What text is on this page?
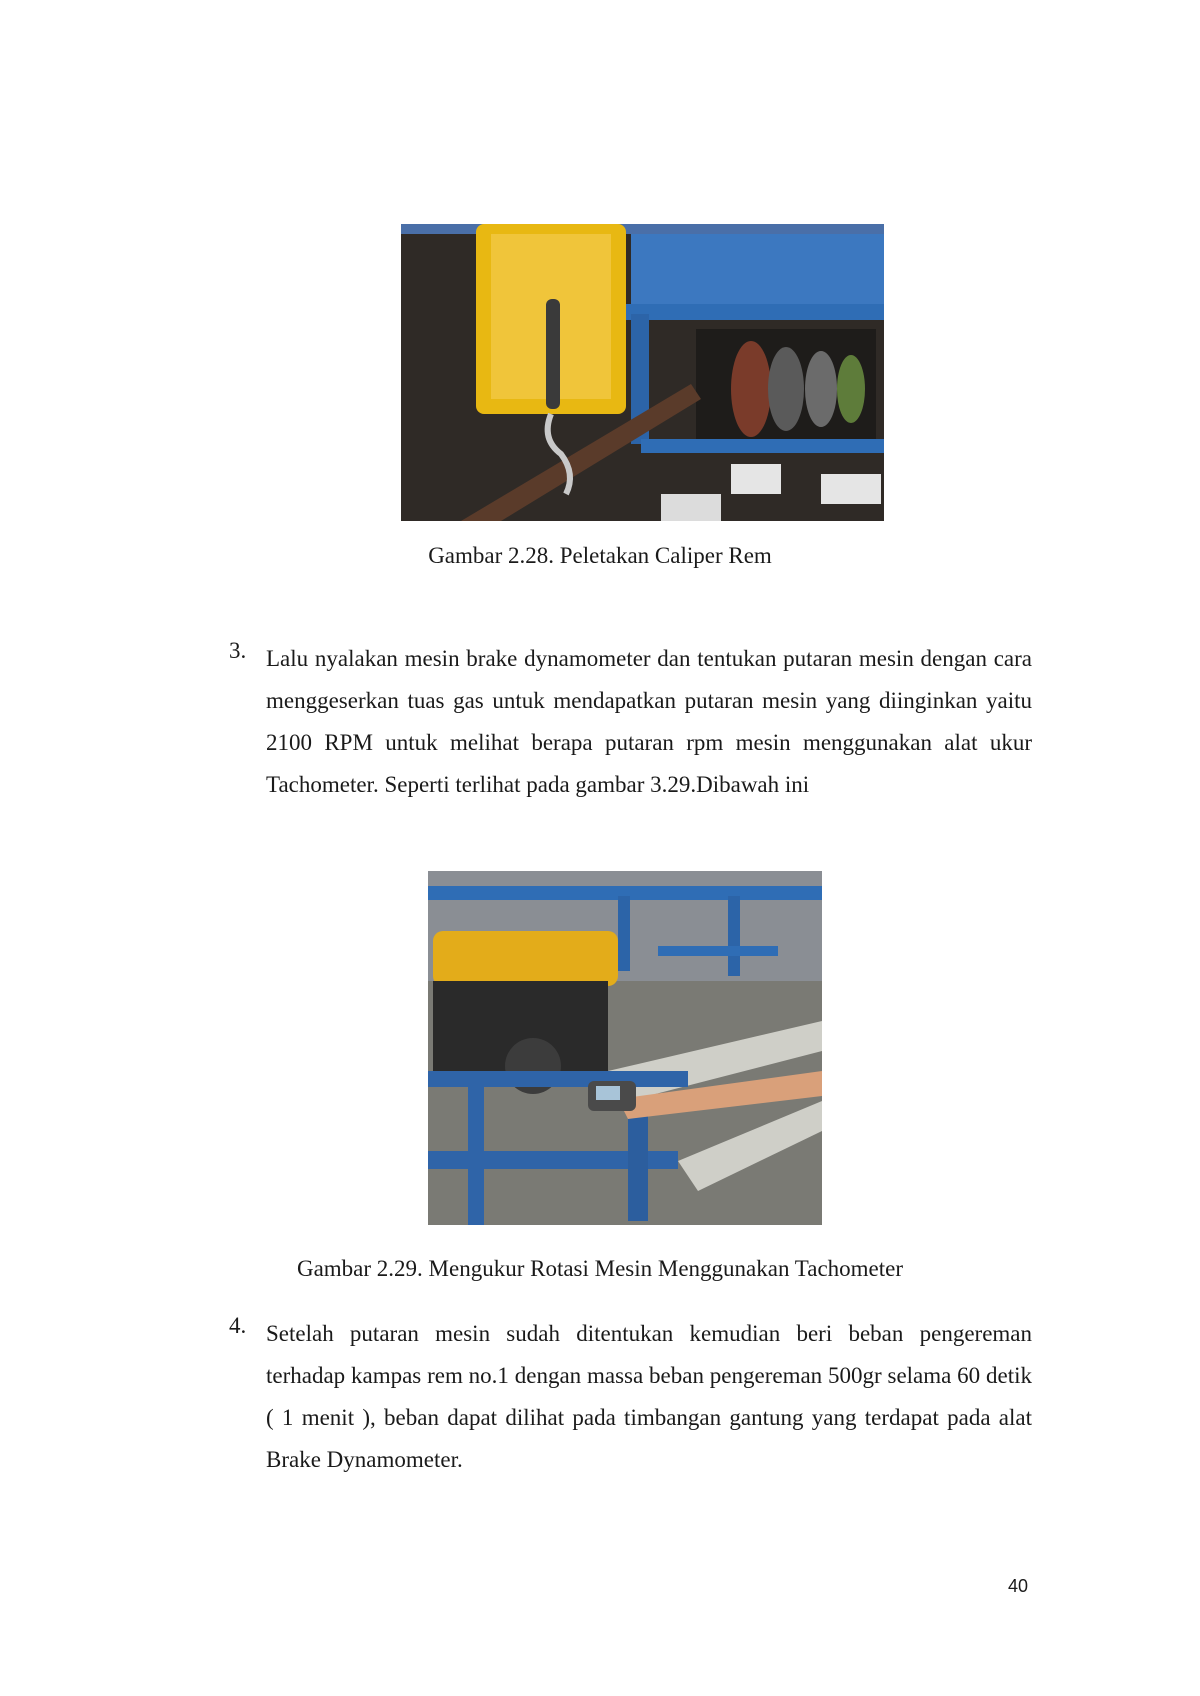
Gambar 2.28. Peletakan Caliper Rem
3. Lalu nyalakan mesin brake dynamometer dan tentukan putaran mesin dengan cara menggeserkan tuas gas untuk mendapatkan putaran mesin yang diinginkan yaitu 2100 RPM untuk melihat berapa putaran rpm mesin menggunakan alat ukur Tachometer. Seperti terlihat pada gambar 3.29.Dibawah ini
Gambar 2.29. Mengukur Rotasi Mesin Menggunakan Tachometer
4. Setelah putaran mesin sudah ditentukan kemudian beri beban pengereman terhadap kampas rem no.1 dengan massa beban pengereman 500gr selama 60 detik ( 1 menit ), beban dapat dilihat pada timbangan gantung yang terdapat pada alat Brake Dynamometer.
40
